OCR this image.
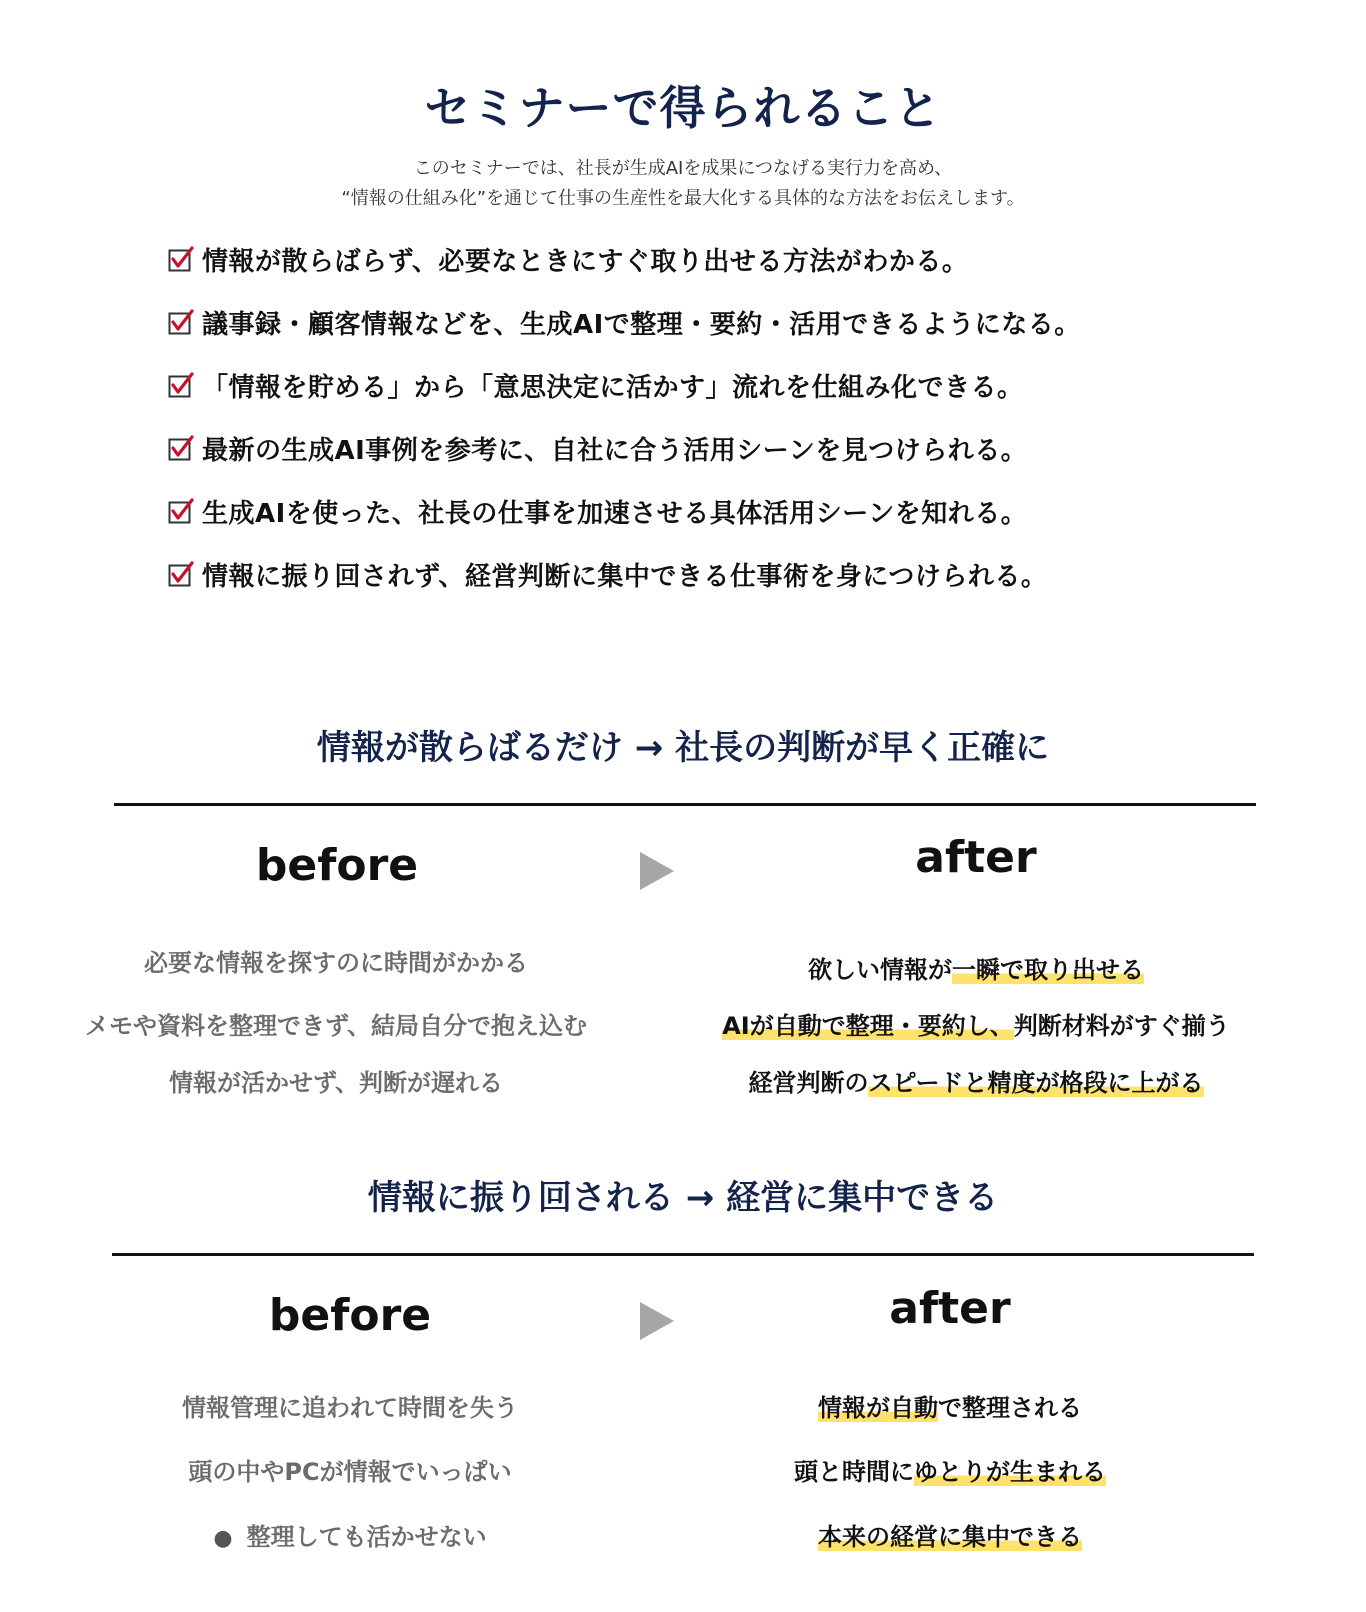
セミナーで得られること
このセミナーでは、社長が生成AIを成果につなげる実行力を高め、
“情報の仕組み化”を通じて仕事の生産性を最大化する具体的な方法をお伝えします。
情報が散らばらず、必要なときにすぐ取り出せる方法がわかる。
議事録・顧客情報などを、生成AIで整理・要約・活用できるようになる。
「情報を貯める」から「意思決定に活かす」流れを仕組み化できる。
最新の生成AI事例を参考に、自社に合う活用シーンを見つけられる。
生成AIを使った、社長の仕事を加速させる具体活用シーンを知れる。
情報に振り回されず、経営判断に集中できる仕事術を身につけられる。
情報が散らばるだけ → 社長の判断が早く正確に
before	after
必要な情報を探すのに時間がかかる
メモや資料を整理できず、結局自分で抱え込む
情報が活かせず、判断が遅れる
欲しい情報が一瞬で取り出せる
AIが自動で整理・要約し、判断材料がすぐ揃う
経営判断のスピードと精度が格段に上がる
情報に振り回される → 経営に集中できる
before	after
情報管理に追われて時間を失う
頭の中やPCが情報でいっぱい
● 整理しても活かせない
情報が自動で整理される
頭と時間にゆとりが生まれる
本来の経営に集中できる
